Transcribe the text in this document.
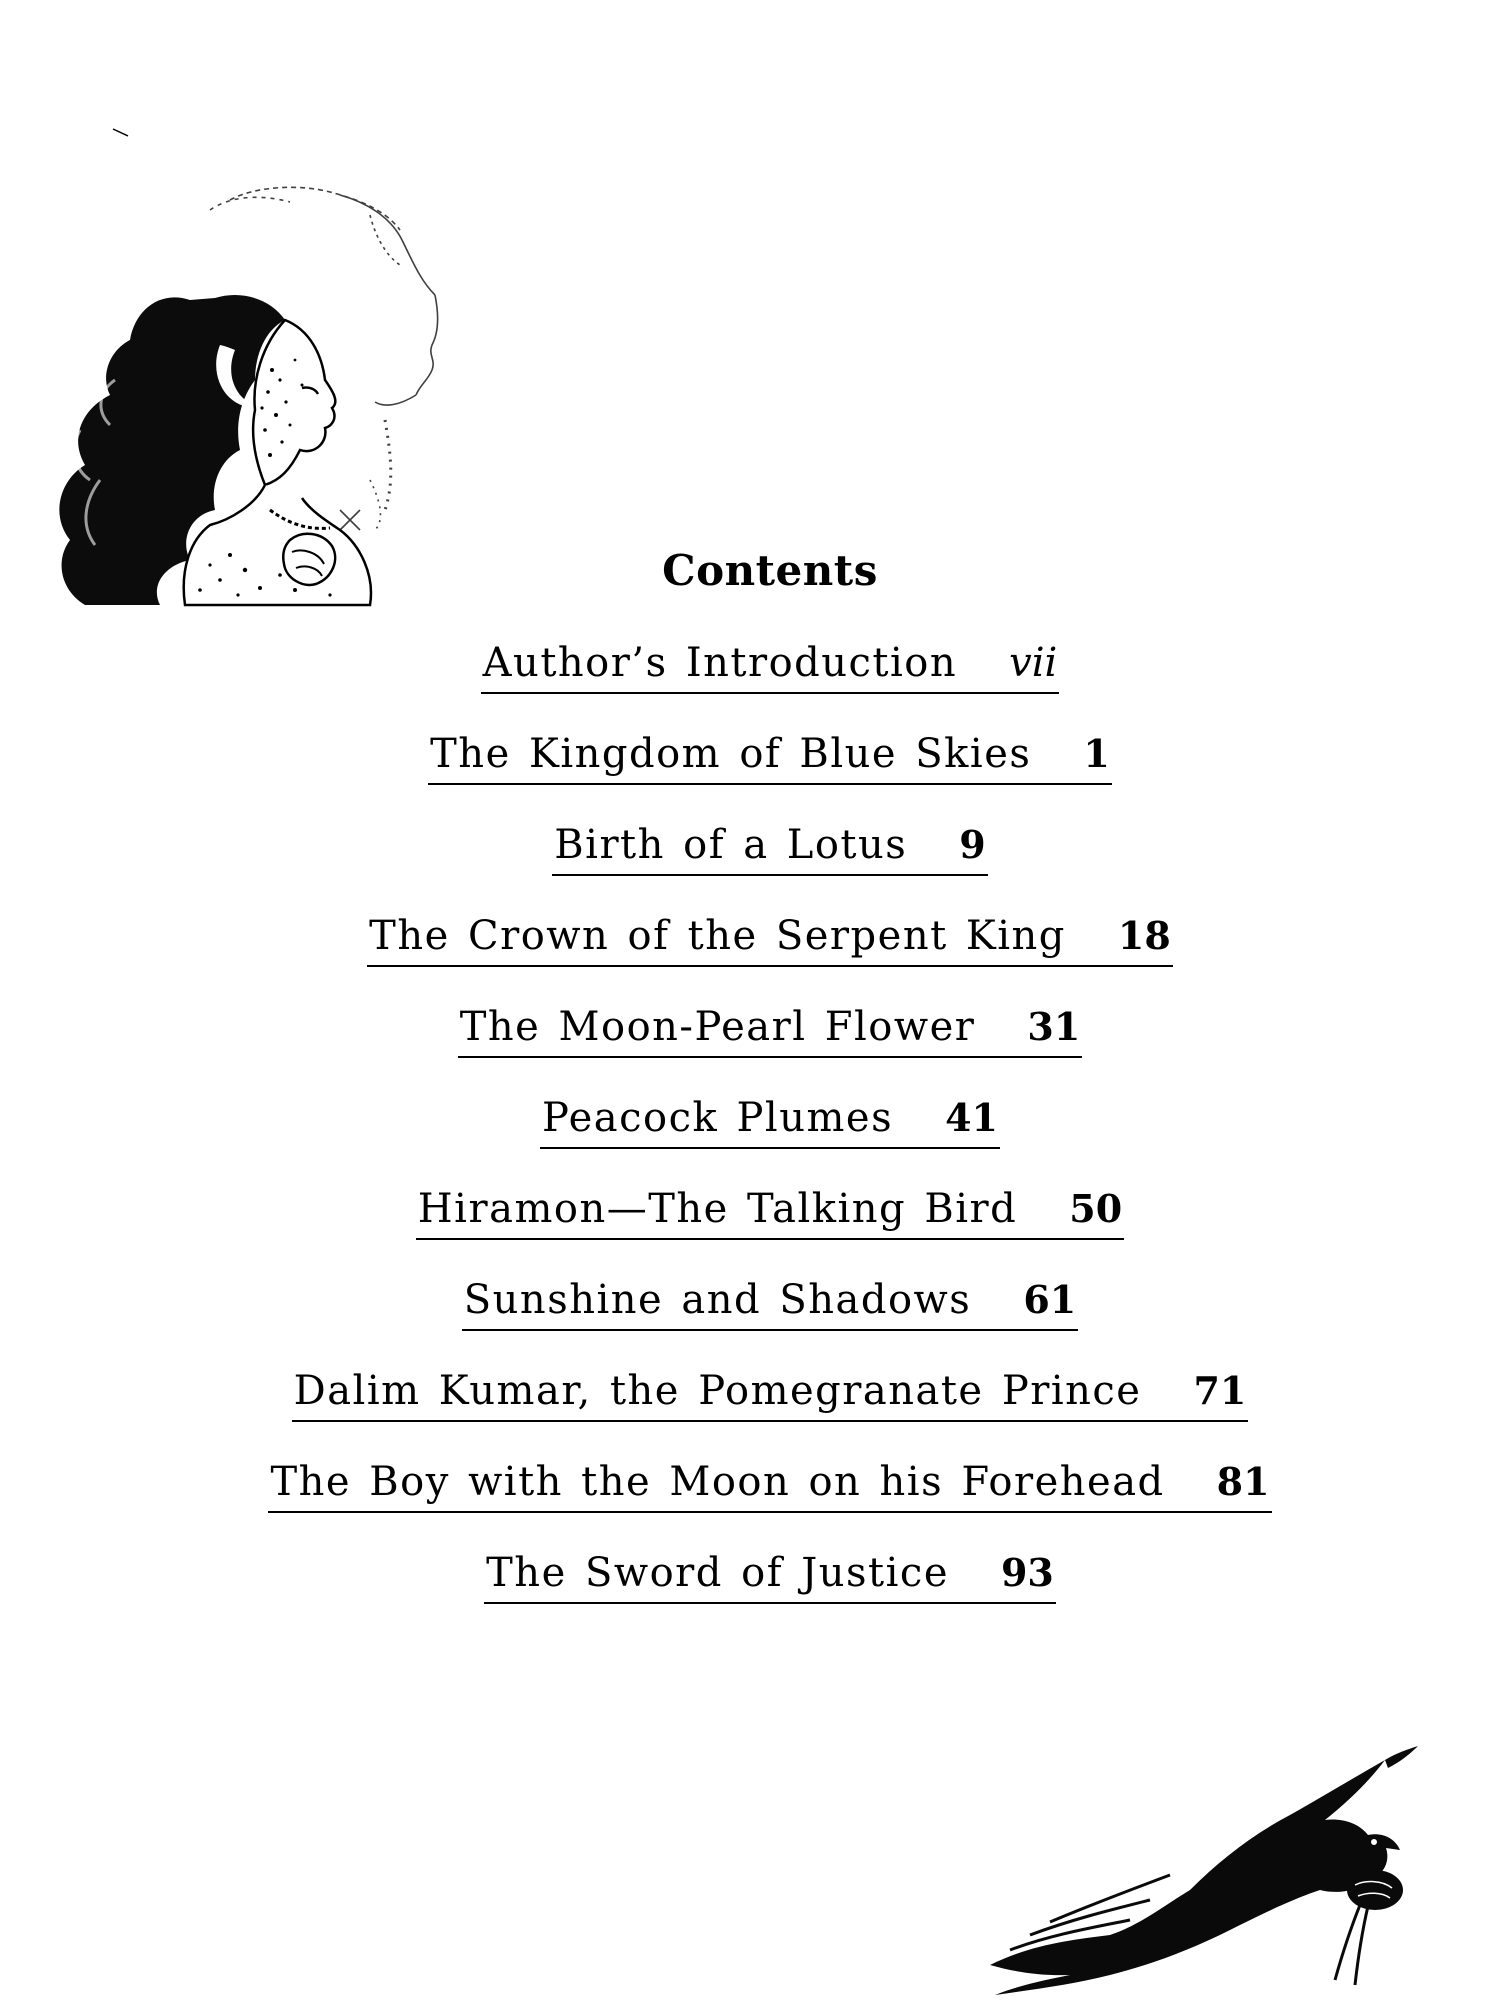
Contents
Author’s Introduction vii
The Kingdom of Blue Skies 1
Birth of a Lotus 9
The Crown of the Serpent King 18
The Moon-Pearl Flower 31
Peacock Plumes 41
Hiramon—The Talking Bird 50
Sunshine and Shadows 61
Dalim Kumar, the Pomegranate Prince 71
The Boy with the Moon on his Forehead 81
The Sword of Justice 93
